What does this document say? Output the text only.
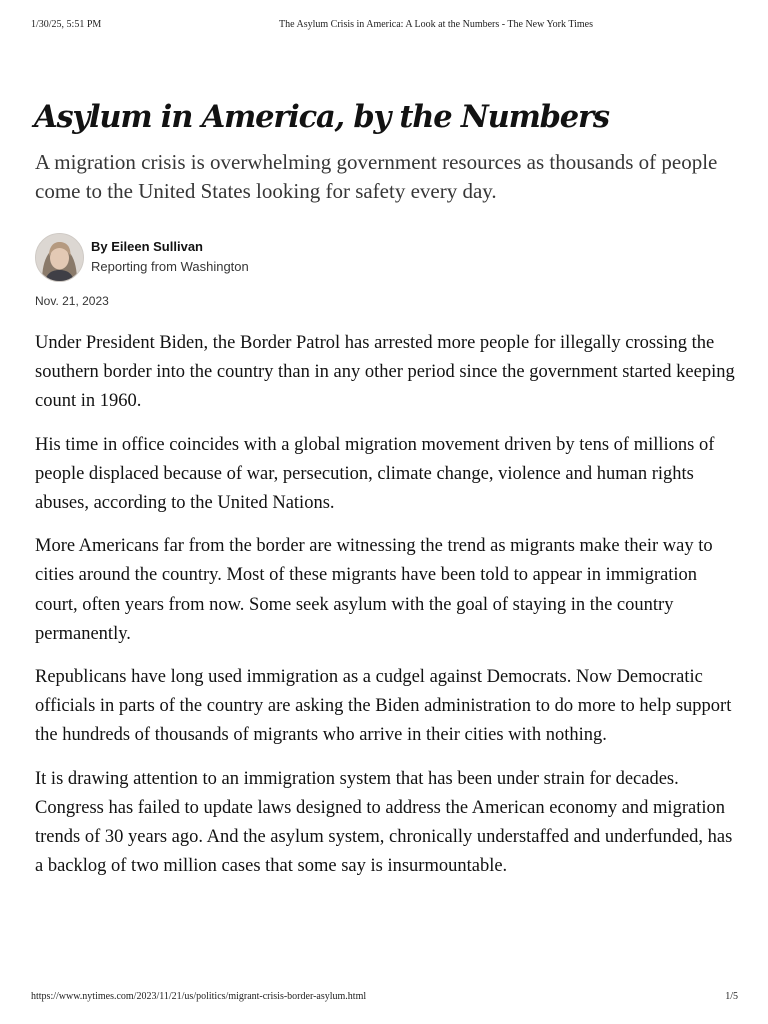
1/30/25, 5:51 PM	The Asylum Crisis in America: A Look at the Numbers - The New York Times
Asylum in America, by the Numbers

A migration crisis is overwhelming government resources as thousands of people come to the United States looking for safety every day.

By Eileen Sullivan
Reporting from Washington
Nov. 21, 2023

Under President Biden, the Border Patrol has arrested more people for illegally crossing the southern border into the country than in any other period since the government started keeping count in 1960.

His time in office coincides with a global migration movement driven by tens of millions of people displaced because of war, persecution, climate change, violence and human rights abuses, according to the United Nations.

More Americans far from the border are witnessing the trend as migrants make their way to cities around the country. Most of these migrants have been told to appear in immigration court, often years from now. Some seek asylum with the goal of staying in the country permanently.

Republicans have long used immigration as a cudgel against Democrats. Now Democratic officials in parts of the country are asking the Biden administration to do more to help support the hundreds of thousands of migrants who arrive in their cities with nothing.

It is drawing attention to an immigration system that has been under strain for decades. Congress has failed to update laws designed to address the American economy and migration trends of 30 years ago. And the asylum system, chronically understaffed and underfunded, has a backlog of two million cases that some say is insurmountable.

https://www.nytimes.com/2023/11/21/us/politics/migrant-crisis-border-asylum.html	1/5
